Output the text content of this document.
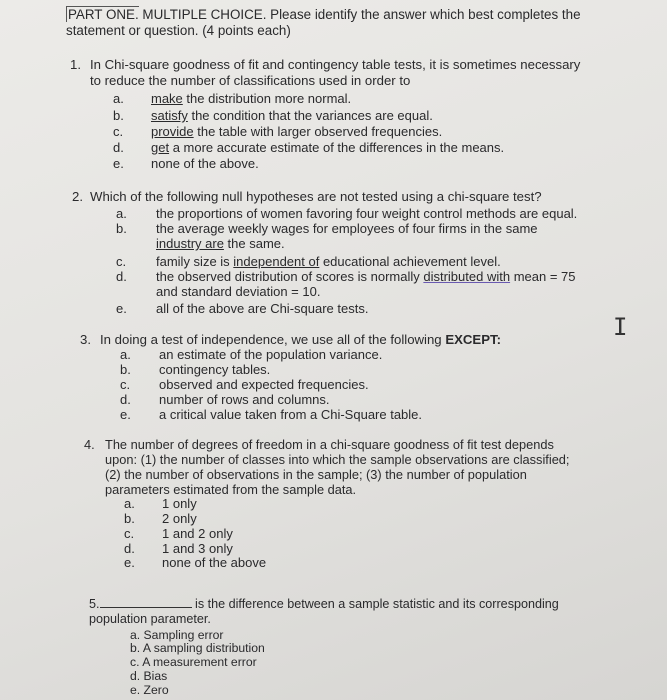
PART ONE. MULTIPLE CHOICE. Please identify the answer which best completes the
statement or question. (4 points each)
1. In Chi-square goodness of fit and contingency table tests, it is sometimes necessary
to reduce the number of classifications used in order to
a. make the distribution more normal.
b. satisfy the condition that the variances are equal.
c. provide the table with larger observed frequencies.
d. get a more accurate estimate of the differences in the means.
e. none of the above.
2. Which of the following null hypotheses are not tested using a chi-square test?
a. the proportions of women favoring four weight control methods are equal.
b. the average weekly wages for employees of four firms in the same
industry are the same.
c. family size is independent of educational achievement level.
d. the observed distribution of scores is normally distributed with mean = 75
and standard deviation = 10.
e. all of the above are Chi-square tests.
3. In doing a test of independence, we use all of the following EXCEPT:
a. an estimate of the population variance.
b. contingency tables.
c. observed and expected frequencies.
d. number of rows and columns.
e. a critical value taken from a Chi-Square table.
4. The number of degrees of freedom in a chi-square goodness of fit test depends
upon: (1) the number of classes into which the sample observations are classified;
(2) the number of observations in the sample; (3) the number of population
parameters estimated from the sample data.
a. 1 only
b. 2 only
c. 1 and 2 only
d. 1 and 3 only
e. none of the above
5.	is the difference between a sample statistic and its corresponding
population parameter.
a. Sampling error
b. A sampling distribution
c. A measurement error
d. Bias
e. Zero
I
